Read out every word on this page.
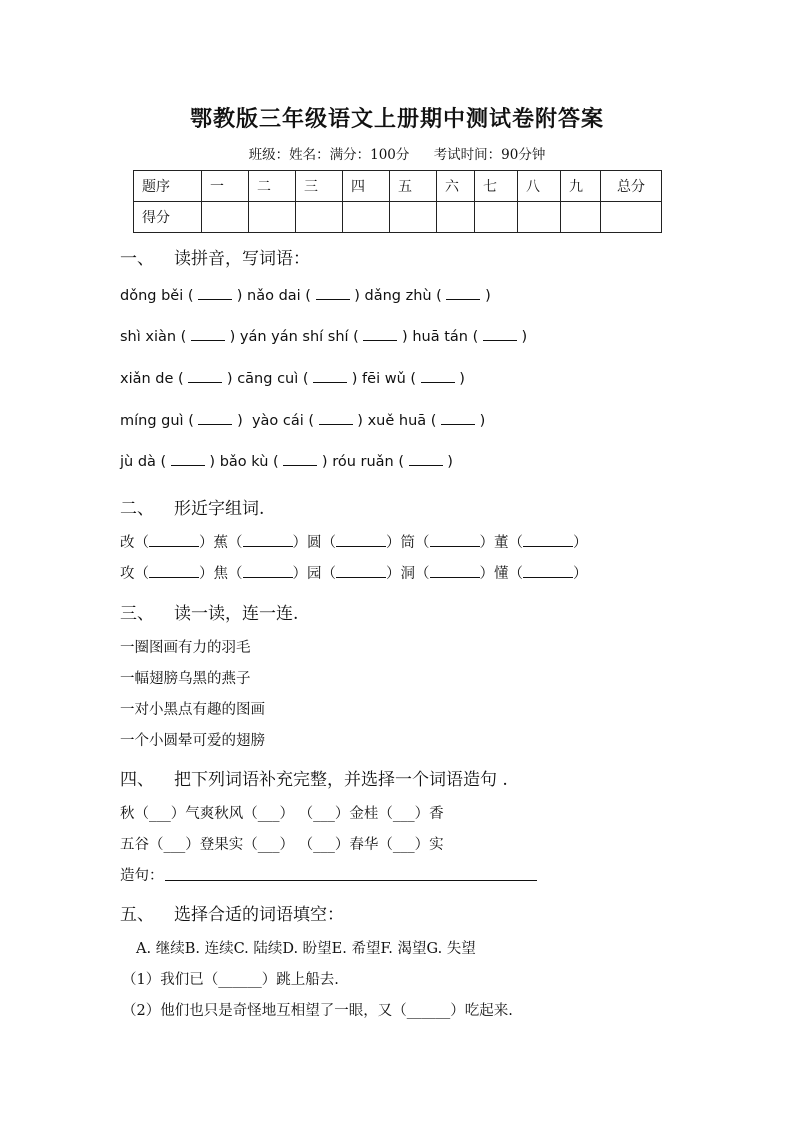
鄂教版三年级语文上册期中测试卷附答案
班级：姓名：满分：100分 考试时间：90分钟
题序	一	二	三	四	五	六	七	八	九	总分
得分										
一、 读拼音，写词语：
dǒng běi (  ) nǎo dai (  ) dǎng zhù (  )
shì xiàn (  ) yán yán shí shí (  ) huā tán (  )
xiǎn de (  ) cāng cuì (  ) fēi wǔ (  )
míng guì (  )  yào cái (  ) xuě huā (  )
jù dà (  ) bǎo kù (  ) róu ruǎn (  )
二、 形近字组词.
改（	）蕉（	）圆（	）筒（	）董（	）
攻（	）焦（	）园（	）洞（	）懂（	）
三、 读一读，连一连.
一圈图画有力的羽毛
一幅翅膀乌黑的燕子
一对小黑点有趣的图画
一个小圆晕可爱的翅膀
四、 把下列词语补充完整，并选择一个词语造句 .
秋（___）气爽秋风（___） （___）金桂（___）香
五谷（___）登果实（___） （___）春华（___）实
造句：
五、 选择合适的词语填空：
A. 继续B. 连续C. 陆续D. 盼望E. 希望F. 渴望G. 失望
（1）我们已（______）跳上船去.
（2）他们也只是奇怪地互相望了一眼，又（______）吃起来.
